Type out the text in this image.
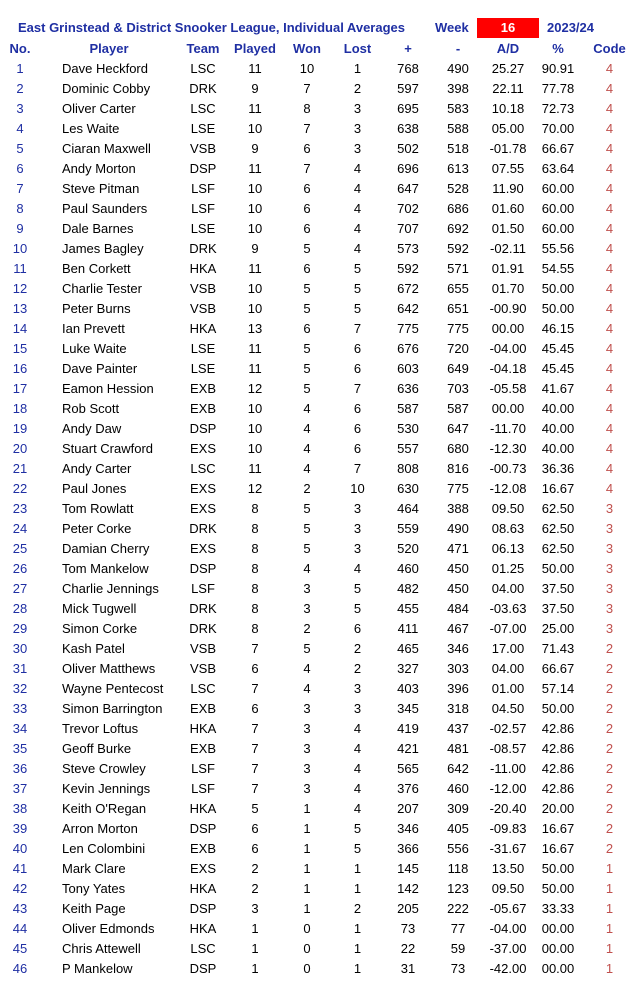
East Grinstead & District Snooker League, Individual Averages Week	16	2023/24
No.	Player	Team	Played	Won	Lost	+	-	A/D	%	Code
1	Dave Heckford	LSC	11	10	1	768	490	25.27	90.91	4
2	Dominic Cobby	DRK	9	7	2	597	398	22.11	77.78	4
3	Oliver Carter	LSC	11	8	3	695	583	10.18	72.73	4
4	Les Waite	LSE	10	7	3	638	588	05.00	70.00	4
5	Ciaran Maxwell	VSB	9	6	3	502	518	-01.78	66.67	4
6	Andy Morton	DSP	11	7	4	696	613	07.55	63.64	4
7	Steve Pitman	LSF	10	6	4	647	528	11.90	60.00	4
8	Paul Saunders	LSF	10	6	4	702	686	01.60	60.00	4
9	Dale Barnes	LSE	10	6	4	707	692	01.50	60.00	4
10	James Bagley	DRK	9	5	4	573	592	-02.11	55.56	4
11	Ben Corkett	HKA	11	6	5	592	571	01.91	54.55	4
12	Charlie Tester	VSB	10	5	5	672	655	01.70	50.00	4
13	Peter Burns	VSB	10	5	5	642	651	-00.90	50.00	4
14	Ian Prevett	HKA	13	6	7	775	775	00.00	46.15	4
15	Luke Waite	LSE	11	5	6	676	720	-04.00	45.45	4
16	Dave Painter	LSE	11	5	6	603	649	-04.18	45.45	4
17	Eamon Hession	EXB	12	5	7	636	703	-05.58	41.67	4
18	Rob Scott	EXB	10	4	6	587	587	00.00	40.00	4
19	Andy Daw	DSP	10	4	6	530	647	-11.70	40.00	4
20	Stuart Crawford	EXS	10	4	6	557	680	-12.30	40.00	4
21	Andy Carter	LSC	11	4	7	808	816	-00.73	36.36	4
22	Paul Jones	EXS	12	2	10	630	775	-12.08	16.67	4
23	Tom Rowlatt	EXS	8	5	3	464	388	09.50	62.50	3
24	Peter Corke	DRK	8	5	3	559	490	08.63	62.50	3
25	Damian Cherry	EXS	8	5	3	520	471	06.13	62.50	3
26	Tom Mankelow	DSP	8	4	4	460	450	01.25	50.00	3
27	Charlie Jennings	LSF	8	3	5	482	450	04.00	37.50	3
28	Mick Tugwell	DRK	8	3	5	455	484	-03.63	37.50	3
29	Simon Corke	DRK	8	2	6	411	467	-07.00	25.00	3
30	Kash Patel	VSB	7	5	2	465	346	17.00	71.43	2
31	Oliver Matthews	VSB	6	4	2	327	303	04.00	66.67	2
32	Wayne Pentecost	LSC	7	4	3	403	396	01.00	57.14	2
33	Simon Barrington	EXB	6	3	3	345	318	04.50	50.00	2
34	Trevor Loftus	HKA	7	3	4	419	437	-02.57	42.86	2
35	Geoff Burke	EXB	7	3	4	421	481	-08.57	42.86	2
36	Steve Crowley	LSF	7	3	4	565	642	-11.00	42.86	2
37	Kevin Jennings	LSF	7	3	4	376	460	-12.00	42.86	2
38	Keith O'Regan	HKA	5	1	4	207	309	-20.40	20.00	2
39	Arron Morton	DSP	6	1	5	346	405	-09.83	16.67	2
40	Len Colombini	EXB	6	1	5	366	556	-31.67	16.67	2
41	Mark Clare	EXS	2	1	1	145	118	13.50	50.00	1
42	Tony Yates	HKA	2	1	1	142	123	09.50	50.00	1
43	Keith Page	DSP	3	1	2	205	222	-05.67	33.33	1
44	Oliver Edmonds	HKA	1	0	1	73	77	-04.00	00.00	1
45	Chris Attewell	LSC	1	0	1	22	59	-37.00	00.00	1
46	P Mankelow	DSP	1	0	1	31	73	-42.00	00.00	1
